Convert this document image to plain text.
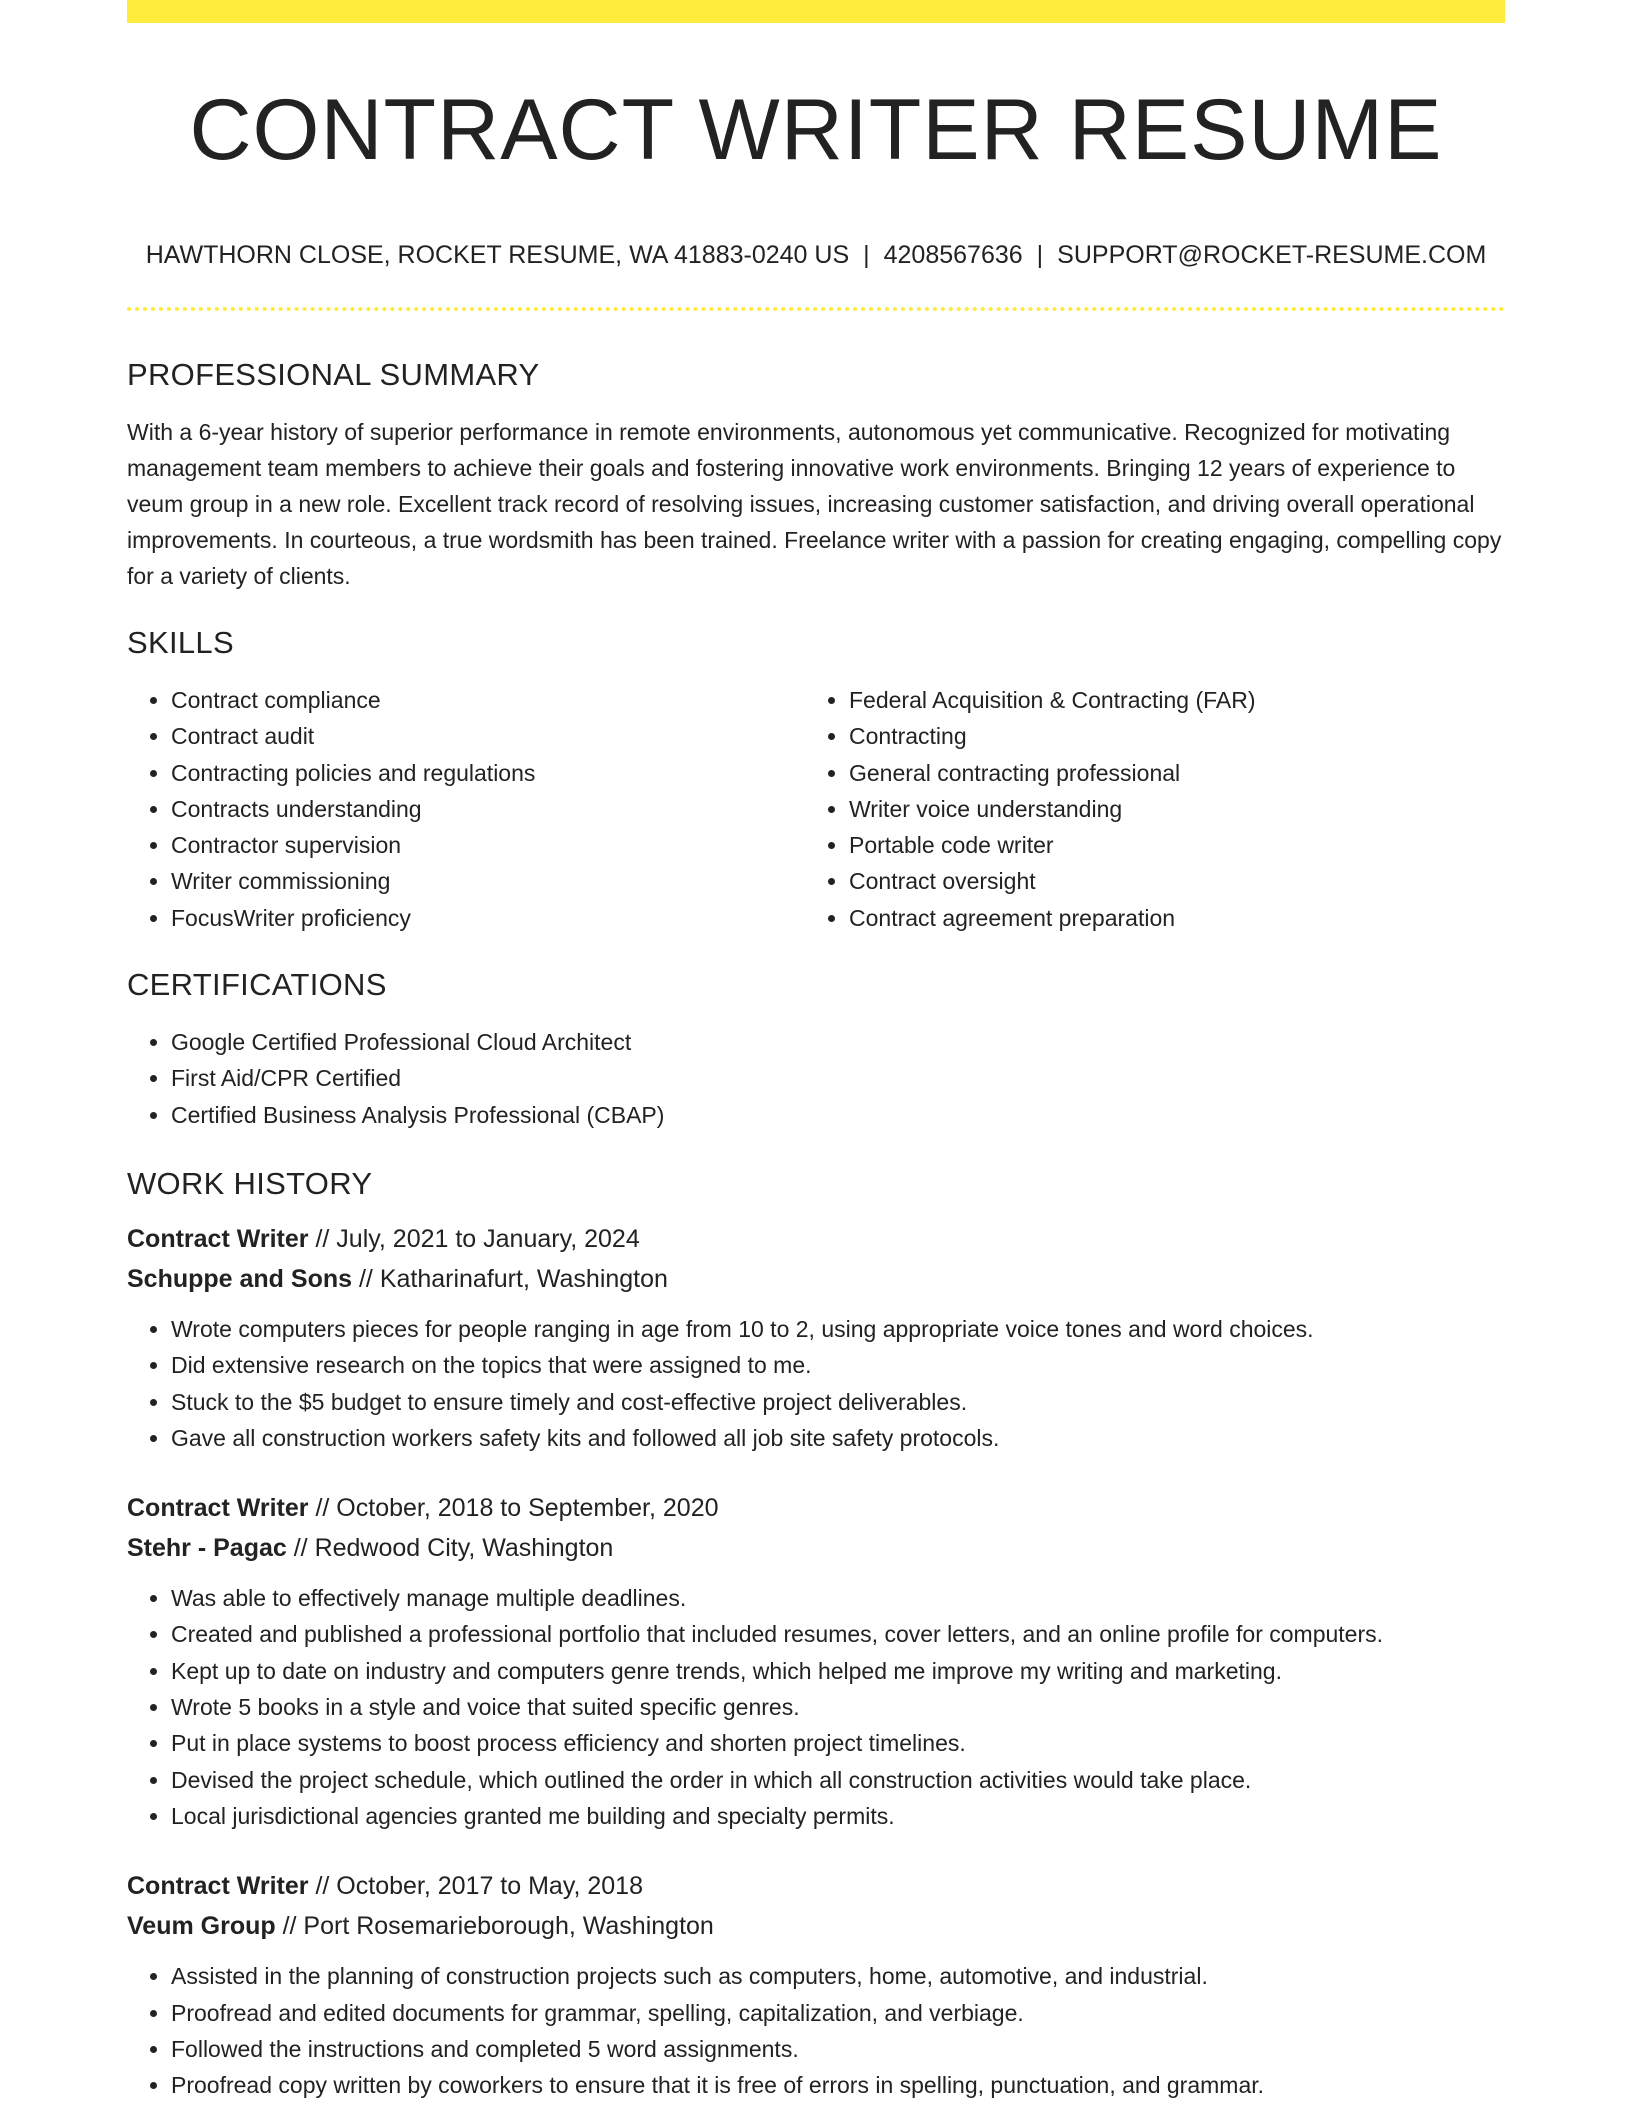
CONTRACT WRITER RESUME
HAWTHORN CLOSE, ROCKET RESUME, WA 41883-0240 US | 4208567636 | SUPPORT@ROCKET-RESUME.COM
PROFESSIONAL SUMMARY

With a 6-year history of superior performance in remote environments, autonomous yet communicative. Recognized for motivating management team members to achieve their goals and fostering innovative work environments. Bringing 12 years of experience to veum group in a new role. Excellent track record of resolving issues, increasing customer satisfaction, and driving overall operational improvements. In courteous, a true wordsmith has been trained. Freelance writer with a passion for creating engaging, compelling copy for a variety of clients.

SKILLS
• Contract compliance
• Contract audit
• Contracting policies and regulations
• Contracts understanding
• Contractor supervision
• Writer commissioning
• FocusWriter proficiency
• Federal Acquisition & Contracting (FAR)
• Contracting
• General contracting professional
• Writer voice understanding
• Portable code writer
• Contract oversight
• Contract agreement preparation
CERTIFICATIONS
• Google Certified Professional Cloud Architect
• First Aid/CPR Certified
• Certified Business Analysis Professional (CBAP)
WORK HISTORY
Contract Writer // July, 2021 to January, 2024
Schuppe and Sons // Katharinafurt, Washington
• Wrote computers pieces for people ranging in age from 10 to 2, using appropriate voice tones and word choices.
• Did extensive research on the topics that were assigned to me.
• Stuck to the $5 budget to ensure timely and cost-effective project deliverables.
• Gave all construction workers safety kits and followed all job site safety protocols.
Contract Writer // October, 2018 to September, 2020
Stehr - Pagac // Redwood City, Washington
• Was able to effectively manage multiple deadlines.
• Created and published a professional portfolio that included resumes, cover letters, and an online profile for computers.
• Kept up to date on industry and computers genre trends, which helped me improve my writing and marketing.
• Wrote 5 books in a style and voice that suited specific genres.
• Put in place systems to boost process efficiency and shorten project timelines.
• Devised the project schedule, which outlined the order in which all construction activities would take place.
• Local jurisdictional agencies granted me building and specialty permits.
Contract Writer // October, 2017 to May, 2018
Veum Group // Port Rosemarieborough, Washington
• Assisted in the planning of construction projects such as computers, home, automotive, and industrial.
• Proofread and edited documents for grammar, spelling, capitalization, and verbiage.
• Followed the instructions and completed 5 word assignments.
• Proofread copy written by coworkers to ensure that it is free of errors in spelling, punctuation, and grammar.
